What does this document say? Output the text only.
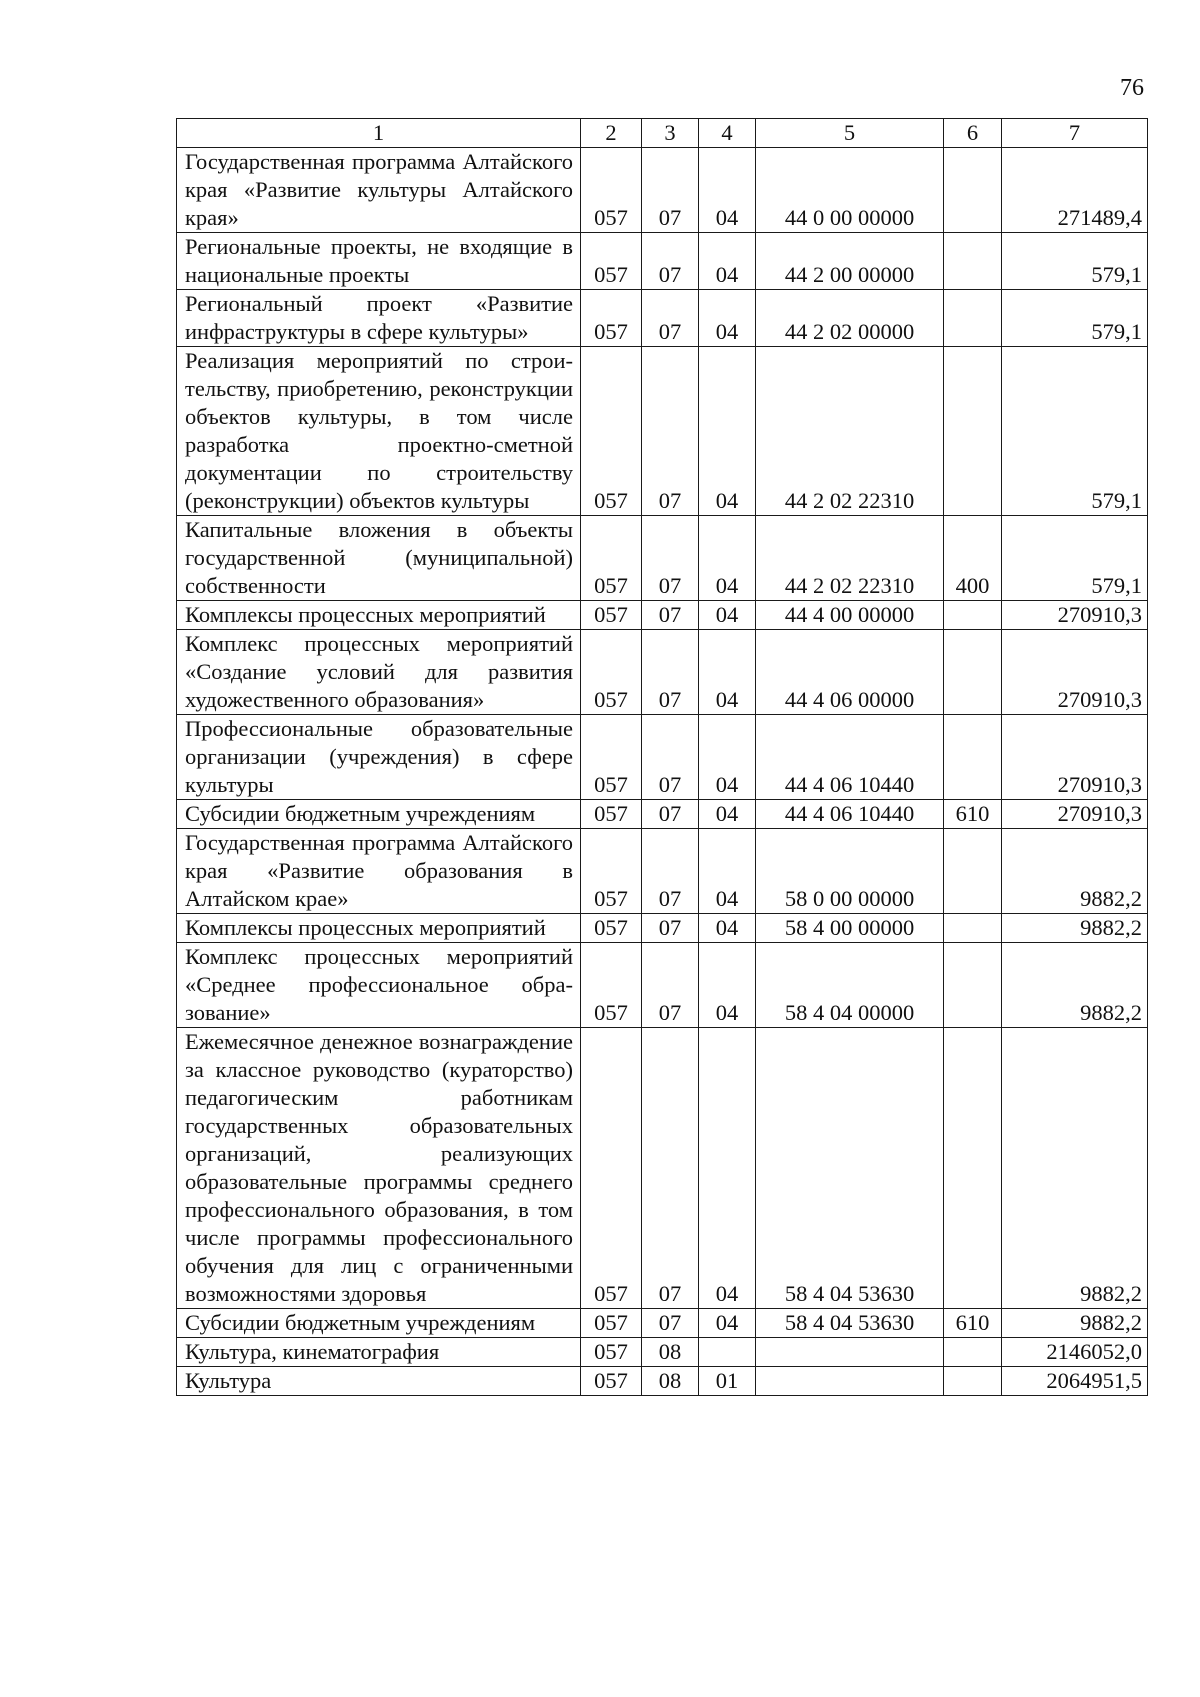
76
1	2	3	4	5	6	7
Государственная программа Алтайского края «Развитие культуры Алтайского края»	057	07	04	44 0 00 00000		271489,4
Региональные проекты, не входящие в национальные проекты	057	07	04	44 2 00 00000		579,1
Региональный проект «Развитие инфраструктуры в сфере культуры»	057	07	04	44 2 02 00000		579,1
Реализация мероприятий по строительству, приобретению, реконструкции объектов культуры, в том числе разработка проектно-сметной документации по строительству (реконструкции) объектов культуры	057	07	04	44 2 02 22310		579,1
Капитальные вложения в объекты государственной (муниципальной) собственности	057	07	04	44 2 02 22310	400	579,1
Комплексы процессных мероприятий	057	07	04	44 4 00 00000		270910,3
Комплекс процессных мероприятий «Создание условий для развития художественного образования»	057	07	04	44 4 06 00000		270910,3
Профессиональные образовательные организации (учреждения) в сфере культуры	057	07	04	44 4 06 10440		270910,3
Субсидии бюджетным учреждениям	057	07	04	44 4 06 10440	610	270910,3
Государственная программа Алтайского края «Развитие образования в Алтайском крае»	057	07	04	58 0 00 00000		9882,2
Комплексы процессных мероприятий	057	07	04	58 4 00 00000		9882,2
Комплекс процессных мероприятий «Среднее профессиональное образование»	057	07	04	58 4 04 00000		9882,2
Ежемесячное денежное вознаграждение за классное руководство (кураторство) педагогическим работникам государственных образовательных организаций, реализующих образовательные программы среднего профессионального образования, в том числе программы профессионального обучения для лиц с ограниченными возможностями здоровья	057	07	04	58 4 04 53630		9882,2
Субсидии бюджетным учреждениям	057	07	04	58 4 04 53630	610	9882,2
Культура, кинематография	057	08				2146052,0
Культура	057	08	01			2064951,5
